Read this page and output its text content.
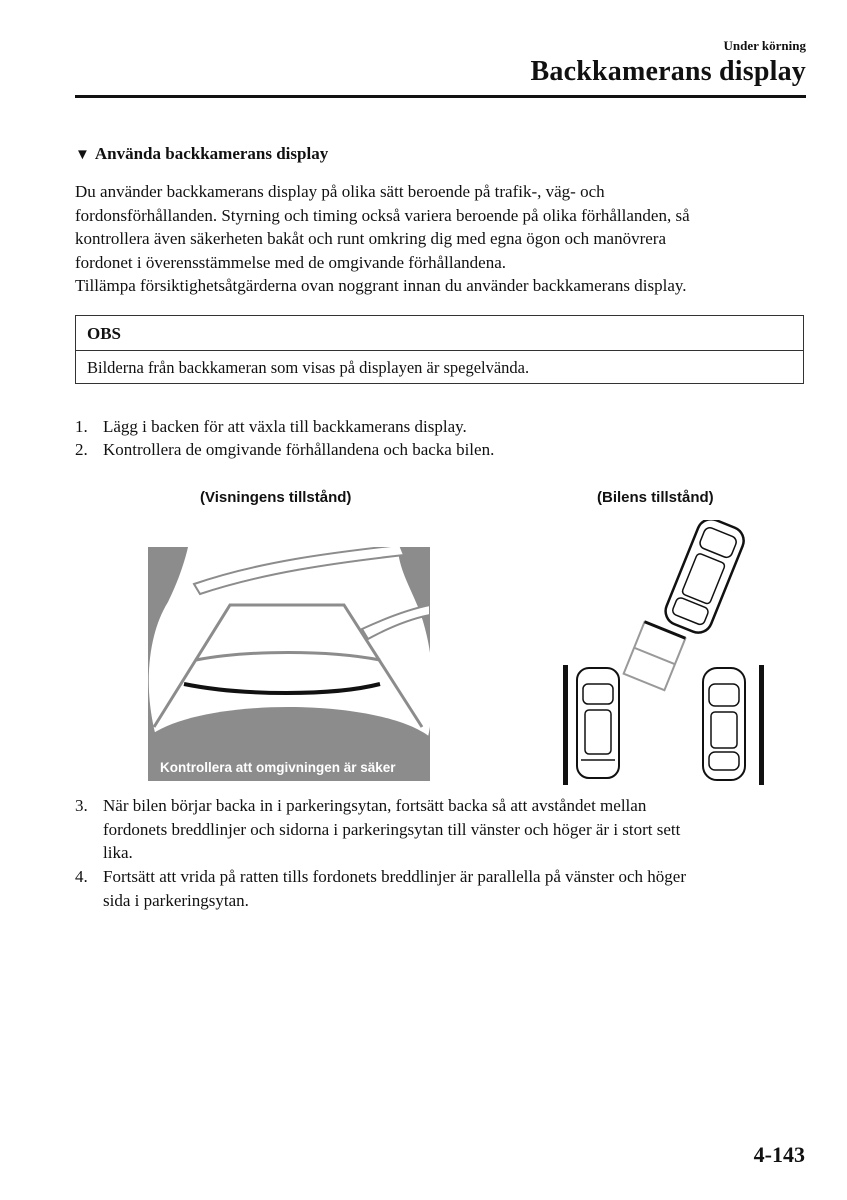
Under körning
Backkamerans display
▼ Använda backkamerans display

Du använder backkamerans display på olika sätt beroende på trafik-, väg- och

fordonsförhållanden. Styrning och timing också variera beroende på olika förhållanden, så

kontrollera även säkerheten bakåt och runt omkring dig med egna ögon och manövrera

fordonet i överensstämmelse med de omgivande förhållandena.

Tillämpa försiktighetsåtgärderna ovan noggrant innan du använder backkamerans display.

OBS
Bilderna från backkameran som visas på displayen är spegelvända.
1. Lägg i backen för att växla till backkamerans display.
2. Kontrollera de omgivande förhållandena och backa bilen.
(Visningens tillstånd)	(Bilens tillstånd)
Kontrollera att omgivningen är säker
3. När bilen börjar backa in i parkeringsytan, fortsätt backa så att avståndet mellan
fordonets breddlinjer och sidorna i parkeringsytan till vänster och höger är i stort sett
lika.
4. Fortsätt att vrida på ratten tills fordonets breddlinjer är parallella på vänster och höger
sida i parkeringsytan.
4-143
